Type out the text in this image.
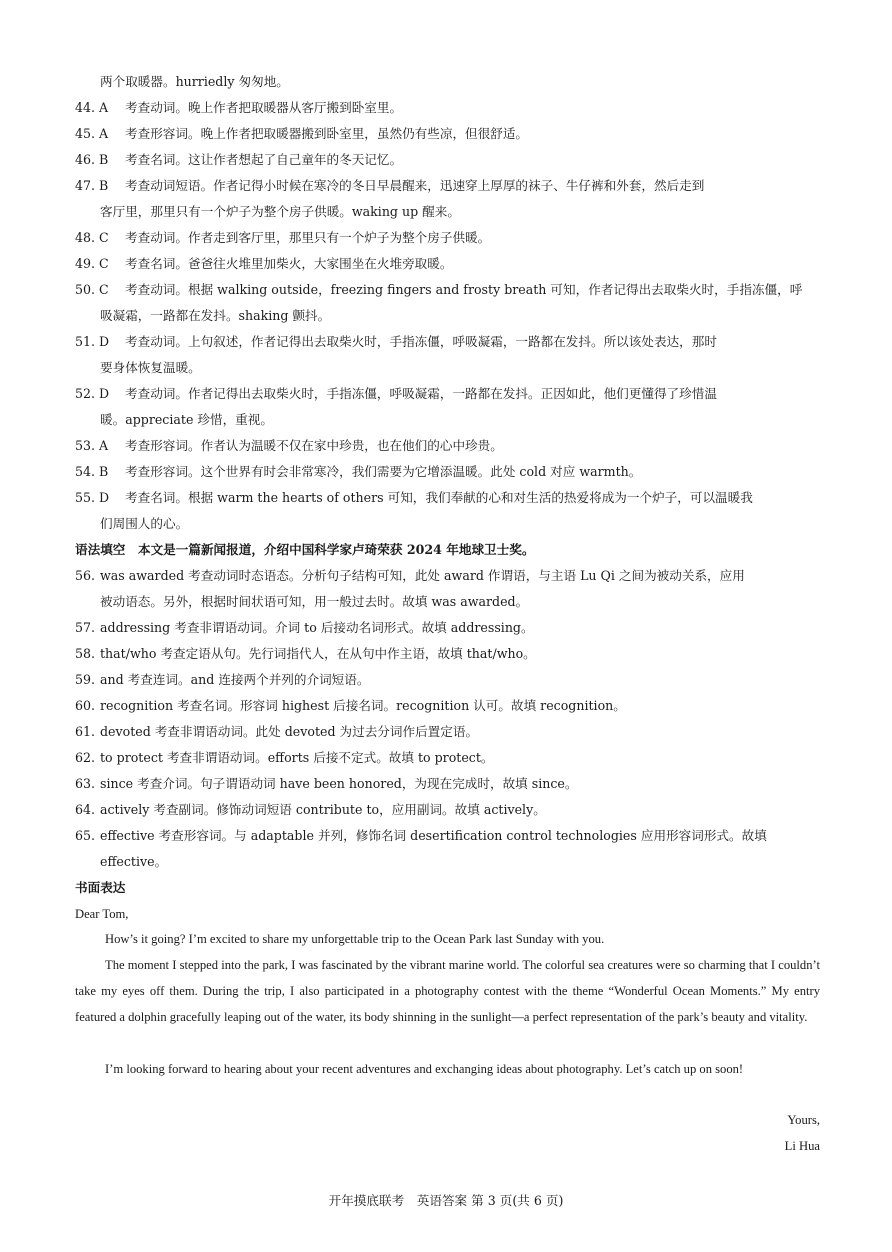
两个取暖器。hurriedly 匆匆地。
44. A 考查动词。晚上作者把取暖器从客厅搬到卧室里。
45. A 考查形容词。晚上作者把取暖器搬到卧室里，虽然仍有些凉，但很舒适。
46. B 考查名词。这让作者想起了自己童年的冬天记忆。
47. B 考查动词短语。作者记得小时候在寒冷的冬日早晨醒来，迅速穿上厚厚的袜子、牛仔裤和外套，然后走到
客厅里，那里只有一个炉子为整个房子供暖。waking up 醒来。
48. C 考查动词。作者走到客厅里，那里只有一个炉子为整个房子供暖。
49. C 考查名词。爸爸往火堆里加柴火，大家围坐在火堆旁取暖。
50. C 考查动词。根据 walking outside，freezing fingers and frosty breath 可知，作者记得出去取柴火时，手指冻僵，呼
吸凝霜，一路都在发抖。shaking 颤抖。
51. D 考查动词。上句叙述，作者记得出去取柴火时，手指冻僵，呼吸凝霜，一路都在发抖。所以该处表达，那时
要身体恢复温暖。
52. D 考查动词。作者记得出去取柴火时，手指冻僵，呼吸凝霜，一路都在发抖。正因如此，他们更懂得了珍惜温
暖。appreciate 珍惜，重视。
53. A 考查形容词。作者认为温暖不仅在家中珍贵，也在他们的心中珍贵。
54. B 考查形容词。这个世界有时会非常寒冷，我们需要为它增添温暖。此处 cold 对应 warmth。
55. D 考查名词。根据 warm the hearts of others 可知，我们奉献的心和对生活的热爱将成为一个炉子，可以温暖我
们周围人的心。
语法填空　本文是一篇新闻报道，介绍中国科学家卢琦荣获 2024 年地球卫士奖。
56. was awarded 考查动词时态语态。分析句子结构可知，此处 award 作谓语，与主语 Lu Qi 之间为被动关系，应用
被动语态。另外，根据时间状语可知，用一般过去时。故填 was awarded。
57. addressing 考查非谓语动词。介词 to 后接动名词形式。故填 addressing。
58. that/who 考查定语从句。先行词指代人，在从句中作主语，故填 that/who。
59. and 考查连词。and 连接两个并列的介词短语。
60. recognition 考查名词。形容词 highest 后接名词。recognition 认可。故填 recognition。
61. devoted 考查非谓语动词。此处 devoted 为过去分词作后置定语。
62. to protect 考查非谓语动词。efforts 后接不定式。故填 to protect。
63. since 考查介词。句子谓语动词 have been honored，为现在完成时，故填 since。
64. actively 考查副词。修饰动词短语 contribute to，应用副词。故填 actively。
65. effective 考查形容词。与 adaptable 并列，修饰名词 desertification control technologies 应用形容词形式。故填
effective。
书面表达
Dear Tom,
How’s it going? I’m excited to share my unforgettable trip to the Ocean Park last Sunday with you.
The moment I stepped into the park, I was fascinated by the vibrant marine world. The colorful sea creatures were so charming that I couldn’t take my eyes off them. During the trip, I also participated in a photography contest with the theme “Wonderful Ocean Moments.” My entry featured a dolphin gracefully leaping out of the water, its body shinning in the sunlight—a perfect representation of the park’s beauty and vitality.
I’m looking forward to hearing about your recent adventures and exchanging ideas about photography. Let’s catch up on soon!
Yours,
Li Hua
开年摸底联考　英语答案 第 3 页(共 6 页)
